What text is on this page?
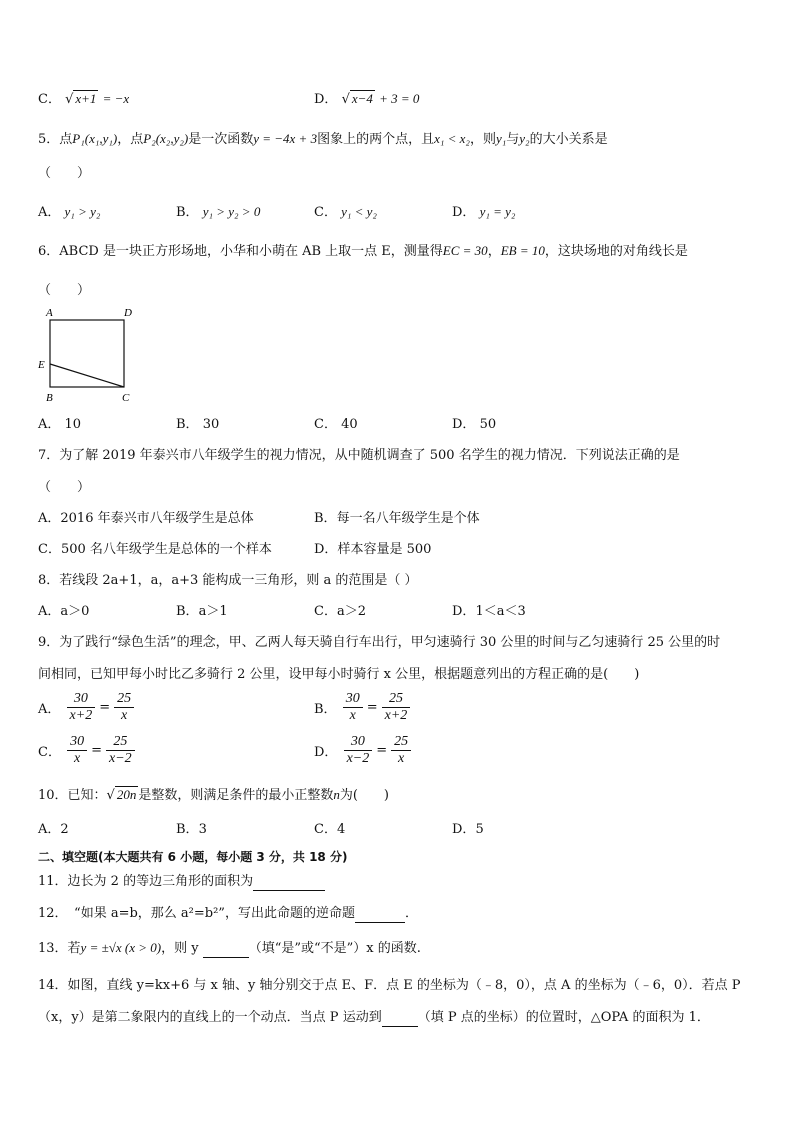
C． √ x+1 = −x	D． √ x−4 + 3 = 0
5．点P₁(x₁,y₁)，点P₂(x₂,y₂)是一次函数y = −4x + 3图象上的两个点，且x₁ < x₂，则y₁与y₂的大小关系是
（　　）
A． y₁ > y₂	B． y₁ > y₂ > 0	C． y₁ < y₂	D． y₁ = y₂
6．ABCD 是一块正方形场地，小华和小萌在 AB 上取一点 E，测量得EC = 30，EB = 10，这块场地的对角线长是
（　　）
A	D
E
B	C
A． 10	B． 30	C． 40	D． 50
7．为了解 2019 年泰兴市八年级学生的视力情况，从中随机调查了 500 名学生的视力情况．下列说法正确的是
（　　）
A．2016 年泰兴市八年级学生是总体	B．每一名八年级学生是个体
C．500 名八年级学生是总体的一个样本	D．样本容量是 500
8．若线段 2a+1，a，a+3 能构成一三角形，则 a 的范围是（ ）
A．a＞0	B．a＞1	C．a＞2	D．1＜a＜3
9．为了践行“绿色生活”的理念，甲、乙两人每天骑自行车出行，甲匀速骑行 30 公里的时间与乙匀速骑行 25 公里的时
间相同，已知甲每小时比乙多骑行 2 公里，设甲每小时骑行 x 公里，根据题意列出的方程正确的是(　　)
A． $\frac{30}{x+2} = \frac{25}{x}$	B． $\frac{30}{x} = \frac{25}{x+2}$
C． $\frac{30}{x} = \frac{25}{x-2}$	D． $\frac{30}{x-2} = \frac{25}{x}$
10．已知：√ 20n 是整数，则满足条件的最小正整数n为(　　)
A．2	B．3	C．4	D．5
二、填空题(本大题共有 6 小题，每小题 3 分，共 18 分)
11．边长为 2 的等边三角形的面积为
12．　“如果 a=b，那么 a²=b²”，写出此命题的逆命题	．
13．若y = ±√x (x > 0)，则 y	（填“是”或“不是”）x 的函数.
14．如图，直线 y=kx+6 与 x 轴、y 轴分别交于点 E、F．点 E 的坐标为（﹣8，0），点 A 的坐标为（﹣6，0）．若点 P
（x，y）是第二象限内的直线上的一个动点．当点 P 运动到	（填 P 点的坐标）的位置时，△OPA 的面积为 1．
